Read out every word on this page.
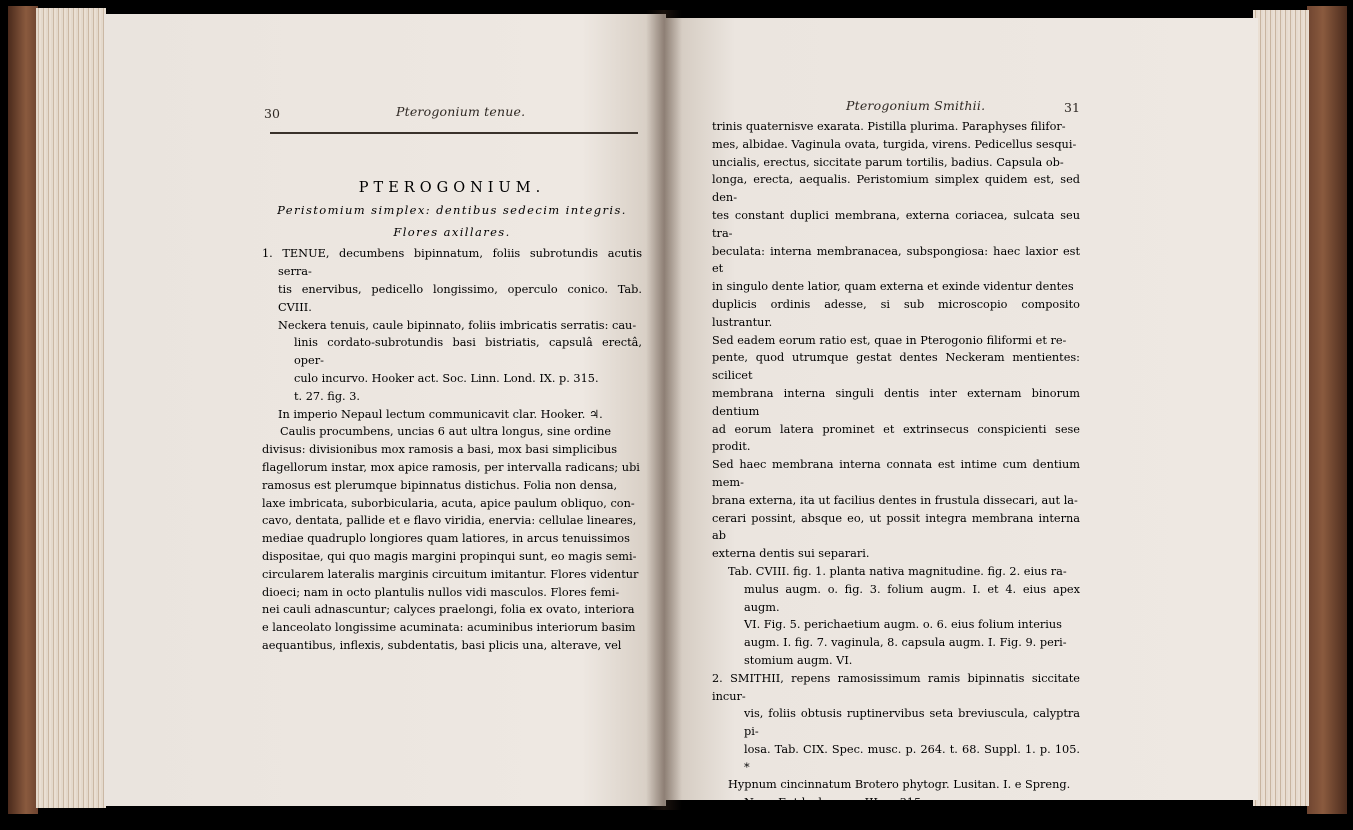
30	Pterogonium tenue.

PTEROGONIUM.

Peristomium simplex: dentibus sedecim integris.

Flores axillares.

1. TENUE, decumbens bipinnatum, foliis subrotundis acutis serra-

tis enervibus, pedicello longissimo, operculo conico. Tab. CVIII.

Neckera tenuis, caule bipinnato, foliis imbricatis serratis: cau-

linis cordato-subrotundis basi bistriatis, capsulâ erectâ, oper-

culo incurvo. Hooker act. Soc. Linn. Lond. IX. p. 315.

t. 27. fig. 3.

In imperio Nepaul lectum communicavit clar. Hooker. ♃.

Caulis procumbens, uncias 6 aut ultra longus, sine ordine

divisus: divisionibus mox ramosis a basi, mox basi simplicibus

flagellorum instar, mox apice ramosis, per intervalla radicans; ubi

ramosus est plerumque bipinnatus distichus. Folia non densa,

laxe imbricata, suborbicularia, acuta, apice paulum obliquo, con-

cavo, dentata, pallide et e flavo viridia, enervia: cellulae lineares,

mediae quadruplo longiores quam latiores, in arcus tenuissimos

dispositae, qui quo magis margini propinqui sunt, eo magis semi-

circularem lateralis marginis circuitum imitantur. Flores videntur

dioeci; nam in octo plantulis nullos vidi masculos. Flores femi-

nei cauli adnascuntur; calyces praelongi, folia ex ovato, interiora

e lanceolato longissime acuminata: acuminibus interiorum basim

aequantibus, inflexis, subdentatis, basi plicis una, alterave, vel

Pterogonium Smithii.	31

trinis quaternisve exarata. Pistilla plurima. Paraphyses filifor-

mes, albidae. Vaginula ovata, turgida, virens. Pedicellus sesqui-

uncialis, erectus, siccitate parum tortilis, badius. Capsula ob-

longa, erecta, aequalis. Peristomium simplex quidem est, sed den-

tes constant duplici membrana, externa coriacea, sulcata seu tra-

beculata: interna membranacea, subspongiosa: haec laxior est et

in singulo dente latior, quam externa et exinde videntur dentes

duplicis ordinis adesse, si sub microscopio composito lustrantur.

Sed eadem eorum ratio est, quae in Pterogonio filiformi et re-

pente, quod utrumque gestat dentes Neckeram mentientes: scilicet

membrana interna singuli dentis inter externam binorum dentium

ad eorum latera prominet et extrinsecus conspicienti sese prodit.

Sed haec membrana interna connata est intime cum dentium mem-

brana externa, ita ut facilius dentes in frustula dissecari, aut la-

cerari possint, absque eo, ut possit integra membrana interna ab

externa dentis sui separari.

Tab. CVIII. fig. 1. planta nativa magnitudine. fig. 2. eius ra-

mulus augm. o. fig. 3. folium augm. I. et 4. eius apex augm.

VI. Fig. 5. perichaetium augm. o. 6. eius folium interius

augm. I. fig. 7. vaginula, 8. capsula augm. I. Fig. 9. peri-

stomium augm. VI.

2. SMITHII, repens ramosissimum ramis bipinnatis siccitate incur-

vis, foliis obtusis ruptinervibus seta breviuscula, calyptra pi-

losa. Tab. CIX. Spec. musc. p. 264. t. 68. Suppl. 1. p. 105. *

Hypnum cincinnatum Brotero phytogr. Lusitan. I. e Spreng.

Neue Entdeckungen III. p. 315.

Crescit in Anglia et Helvetia. ♃.
